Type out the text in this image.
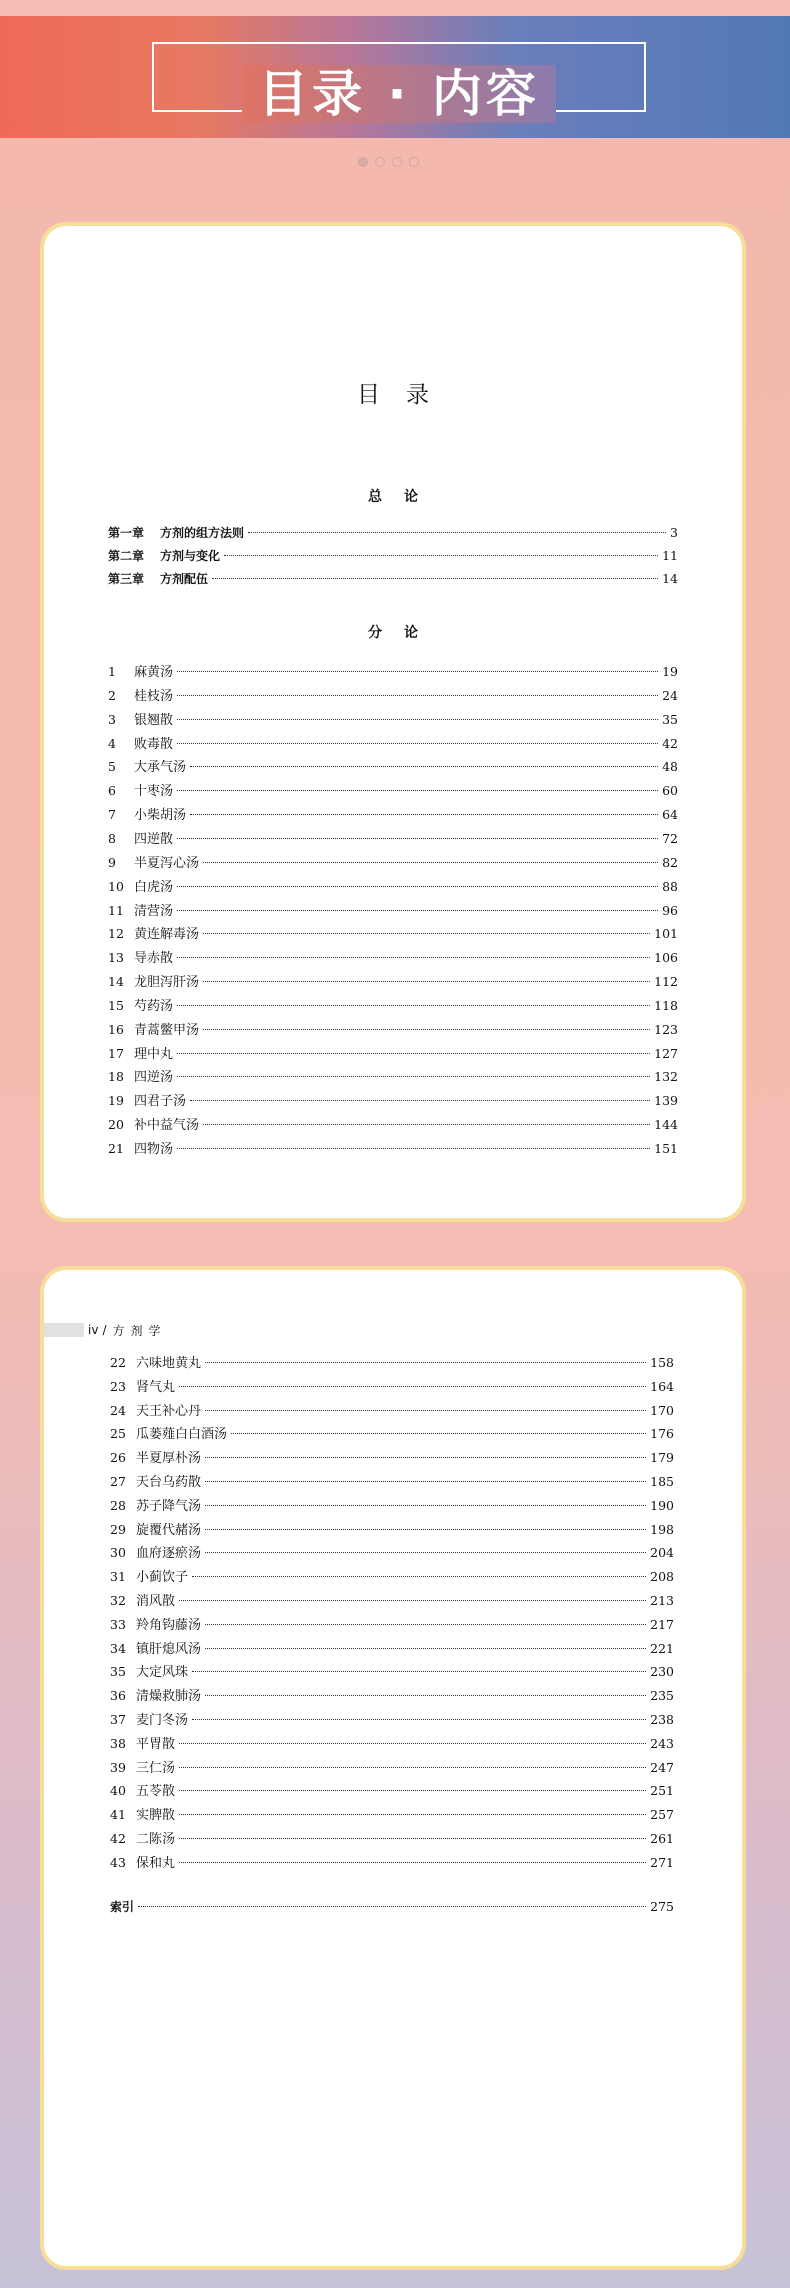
目录 · 内容
目录
总论
第一章 方剂的组方法则	3
第二章 方剂与变化	11
第三章 方剂配伍	14
分论
1	麻黄汤	19
2	桂枝汤	24
3	银翘散	35
4	败毒散	42
5	大承气汤	48
6	十枣汤	60
7	小柴胡汤	64
8	四逆散	72
9	半夏泻心汤	82
10 白虎汤	88
11 清营汤	96
12 黄连解毒汤	101
13 导赤散	106
14 龙胆泻肝汤	112
15 芍药汤	118
16 青蒿鳖甲汤	123
17 理中丸	127
18 四逆汤	132
19 四君子汤	139
20 补中益气汤	144
21 四物汤	151
iv / 方剂学
22 六味地黄丸	158
23 肾气丸	164
24 天王补心丹	170
25 瓜蒌薤白白酒汤	176
26 半夏厚朴汤	179
27 天台乌药散	185
28 苏子降气汤	190
29 旋覆代赭汤	198
30 血府逐瘀汤	204
31 小蓟饮子	208
32 消风散	213
33 羚角钩藤汤	217
34 镇肝熄风汤	221
35 大定风珠	230
36 清燥救肺汤	235
37 麦门冬汤	238
38 平胃散	243
39 三仁汤	247
40 五苓散	251
41 实脾散	257
42 二陈汤	261
43 保和丸	271
索引	275
